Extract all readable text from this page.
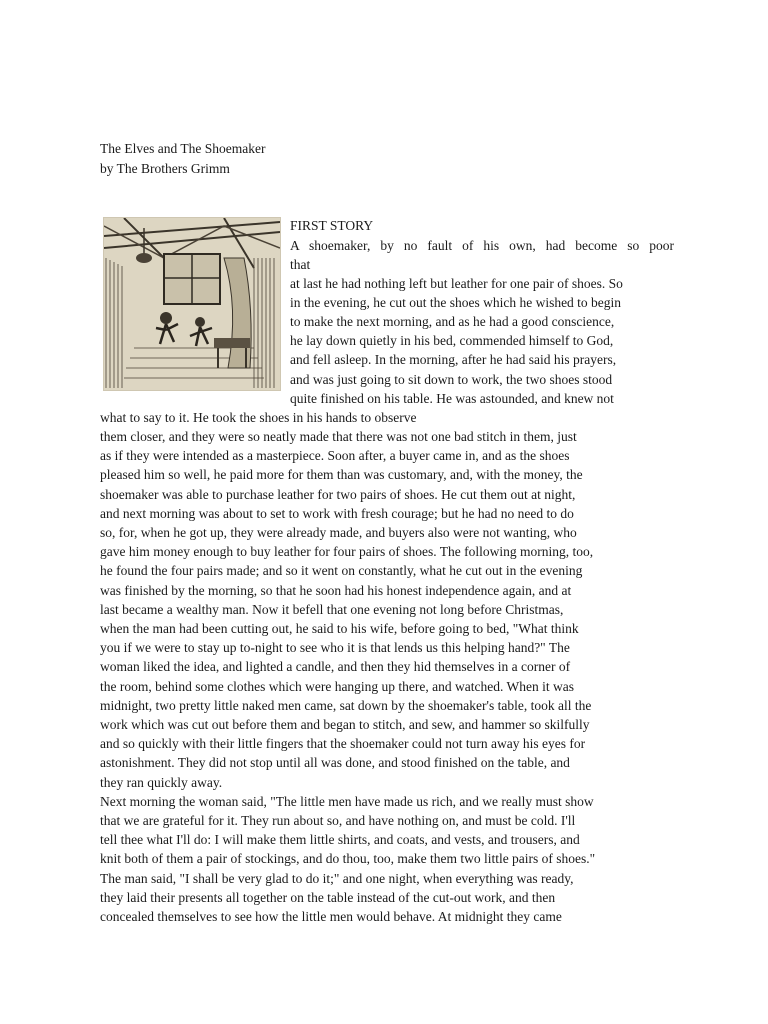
The Elves and The Shoemaker
by The Brothers Grimm
FIRST STORY
A shoemaker, by no fault of his own, had become so poor
that
at last he had nothing left but leather for one pair of shoes. So
in the evening, he cut out the shoes which he wished to begin
to make the next morning, and as he had a good conscience,
he lay down quietly in his bed, commended himself to God,
and fell asleep. In the morning, after he had said his prayers,
and was just going to sit down to work, the two shoes stood
quite finished on his table. He was astounded, and knew not
what to say to it. He took the shoes in his hands to observe
them closer, and they were so neatly made that there was not one bad stitch in them, just
as if they were intended as a masterpiece. Soon after, a buyer came in, and as the shoes
pleased him so well, he paid more for them than was customary, and, with the money, the
shoemaker was able to purchase leather for two pairs of shoes. He cut them out at night,
and next morning was about to set to work with fresh courage; but he had no need to do
so, for, when he got up, they were already made, and buyers also were not wanting, who
gave him money enough to buy leather for four pairs of shoes. The following morning, too,
he found the four pairs made; and so it went on constantly, what he cut out in the evening
was finished by the morning, so that he soon had his honest independence again, and at
last became a wealthy man. Now it befell that one evening not long before Christmas,
when the man had been cutting out, he said to his wife, before going to bed, "What think
you if we were to stay up to-night to see who it is that lends us this helping hand?" The
woman liked the idea, and lighted a candle, and then they hid themselves in a corner of
the room, behind some clothes which were hanging up there, and watched. When it was
midnight, two pretty little naked men came, sat down by the shoemaker's table, took all the
work which was cut out before them and began to stitch, and sew, and hammer so skilfully
and so quickly with their little fingers that the shoemaker could not turn away his eyes for
astonishment. They did not stop until all was done, and stood finished on the table, and
they ran quickly away.
Next morning the woman said, "The little men have made us rich, and we really must show
that we are grateful for it. They run about so, and have nothing on, and must be cold. I'll
tell thee what I'll do: I will make them little shirts, and coats, and vests, and trousers, and
knit both of them a pair of stockings, and do thou, too, make them two little pairs of shoes."
The man said, "I shall be very glad to do it;" and one night, when everything was ready,
they laid their presents all together on the table instead of the cut-out work, and then
concealed themselves to see how the little men would behave. At midnight they came
